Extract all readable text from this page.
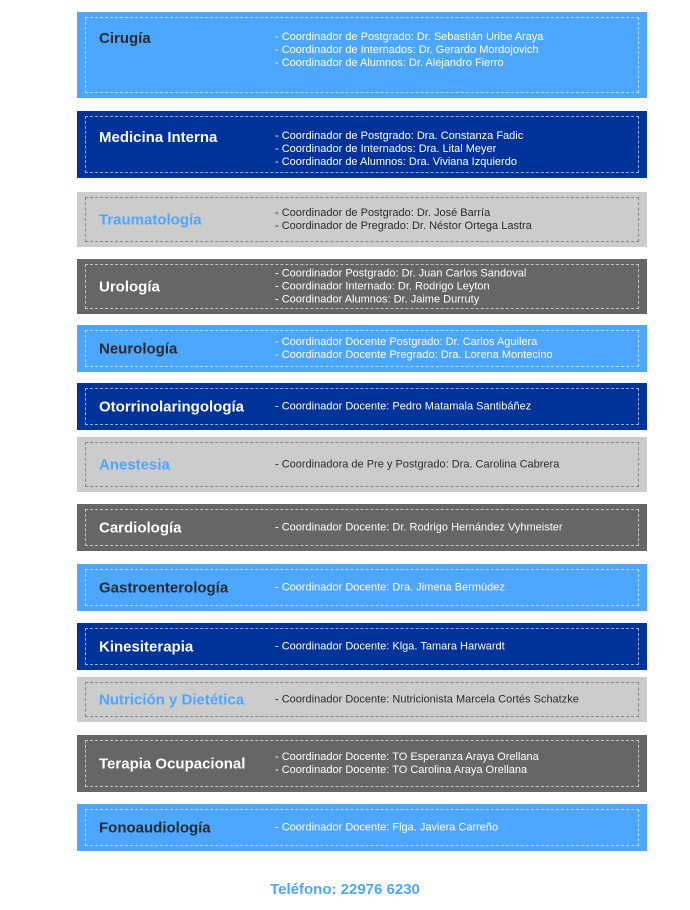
Cirugía	- Coordinador de Postgrado: Dr. Sebastián Uribe Araya
- Coordinador de Internados: Dr. Gerardo Mordojovich
- Coordinador de Alumnos: Dr. Alejandro Fierro
Medicina Interna	- Coordinador de Postgrado: Dra. Constanza Fadic
- Coordinador de Internados: Dra. Lital Meyer
- Coordinador de Alumnos: Dra. Viviana Izquierdo
Traumatología	- Coordinador de Postgrado: Dr. José Barría
- Coordinador de Pregrado: Dr. Néstor Ortega Lastra
Urología
- Coordinador Postgrado: Dr. Juan Carlos Sandoval
- Coordinador Internado: Dr. Rodrigo Leyton
- Coordinador Alumnos: Dr. Jaime Durruty
Neurología	- Coordinador Docente Postgrado: Dr. Carlos Aguilera
- Coordinador Docente Pregrado: Dra. Lorena Montecino
Otorrinolaringología	- Coordinador Docente: Pedro Matamala Santibáñez
Anestesia	- Coordinadora de Pre y Postgrado: Dra. Carolina Cabrera
Cardiología	- Coordinador Docente: Dr. Rodrigo Hernández Vyhmeister
Gastroenterología	- Coordinador Docente: Dra. Jimena Bermúdez
Kinesiterapia	- Coordinador Docente: Klga. Tamara Harwardt
Nutrición y Dietética	- Coordinador Docente: Nutricionista Marcela Cortés Schatzke
Terapia Ocupacional	- Coordinador Docente: TO Esperanza Araya Orellana
- Coordinador Docente: TO Carolina Araya Orellana
Fonoaudiología	- Coordinador Docente: Flga. Javiera Carreño
Teléfono: 22976 6230
